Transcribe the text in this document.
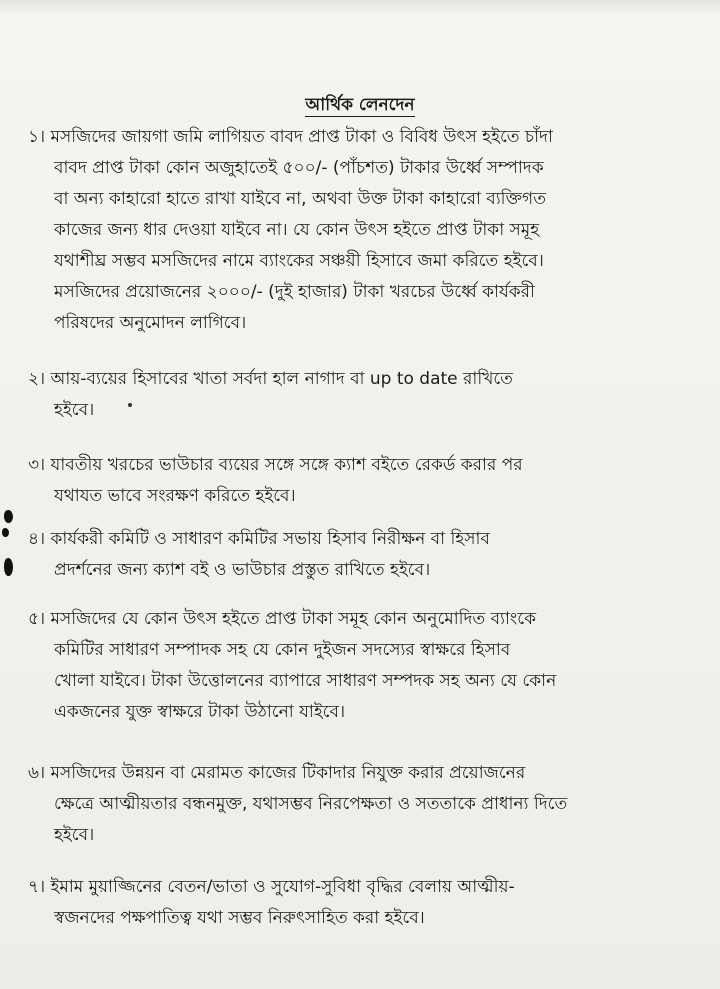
আর্থিক লেনদেন
১। মসজিদের জায়গা জমি লাগিয়ত বাবদ প্রাপ্ত টাকা ও বিবিধ উৎস হইতে চাঁদা
বাবদ প্রাপ্ত টাকা কোন অজুহাতেই ৫০০/- (পাঁচশত) টাকার উর্ধ্বে সম্পাদক
বা অন্য কাহারো হাতে রাখা যাইবে না, অথবা উক্ত টাকা কাহারো ব্যক্তিগত
কাজের জন্য ধার দেওয়া যাইবে না। যে কোন উৎস হইতে প্রাপ্ত টাকা সমূহ
যথাশীঘ্র সম্ভব মসজিদের নামে ব্যাংকের সঞ্চয়ী হিসাবে জমা করিতে হইবে।
মসজিদের প্রয়োজনের ২০০০/- (দুই হাজার) টাকা খরচের উর্ধ্বে কার্যকরী
পরিষদের অনুমোদন লাগিবে।
২। আয়-ব্যয়ের হিসাবের খাতা সর্বদা হাল নাগাদ বা up to date রাখিতে
হইবে।
৩। যাবতীয় খরচের ভাউচার ব্যয়ের সঙ্গে সঙ্গে ক্যাশ বইতে রেকর্ড করার পর
যথাযত ভাবে সংরক্ষণ করিতে হইবে।
৪। কার্যকরী কমিটি ও সাধারণ কমিটির সভায় হিসাব নিরীক্ষন বা হিসাব
প্রদর্শনের জন্য ক্যাশ বই ও ভাউচার প্রস্তুত রাখিতে হইবে।
৫। মসজিদের যে কোন উৎস হইতে প্রাপ্ত টাকা সমূহ কোন অনুমোদিত ব্যাংকে
কমিটির সাধারণ সম্পাদক সহ যে কোন দুইজন সদস্যের স্বাক্ষরে হিসাব
খোলা যাইবে। টাকা উত্তোলনের ব্যাপারে সাধারণ সম্পদক সহ অন্য যে কোন
একজনের যুক্ত স্বাক্ষরে টাকা উঠানো যাইবে।
৬। মসজিদের উন্নয়ন বা মেরামত কাজের টিকাদার নিযুক্ত করার প্রয়োজনের
ক্ষেত্রে আত্মীয়তার বন্ধনমুক্ত, যথাসম্ভব নিরপেক্ষতা ও সততাকে প্রাধান্য দিতে
হইবে।
৭। ইমাম মুয়াজ্জিনের বেতন/ভাতা ও সুযোগ-সুবিধা বৃদ্ধির বেলায় আত্মীয়-
স্বজনদের পক্ষপাতিত্ব যথা সম্ভব নিরুৎসাহিত করা হইবে।
